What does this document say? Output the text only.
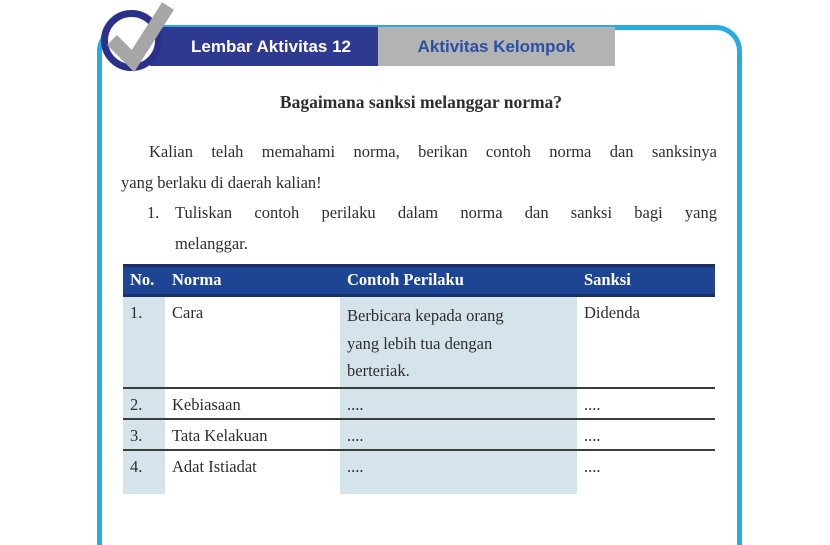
Lembar Aktivitas 12	Aktivitas Kelompok
Bagaimana sanksi melanggar norma?
Kalian telah memahami norma, berikan contoh norma dan sanksinya
yang berlaku di daerah kalian!
1. Tuliskan contoh perilaku dalam norma dan sanksi bagi yang
melanggar.
No.	Norma	Contoh Perilaku	Sanksi
1.	Cara	Berbicara kepada orang yang lebih tua dengan berteriak.	Didenda
2.	Kebiasaan	....	....
3.	Tata Kelakuan	....	....
4.	Adat Istiadat	....	....
